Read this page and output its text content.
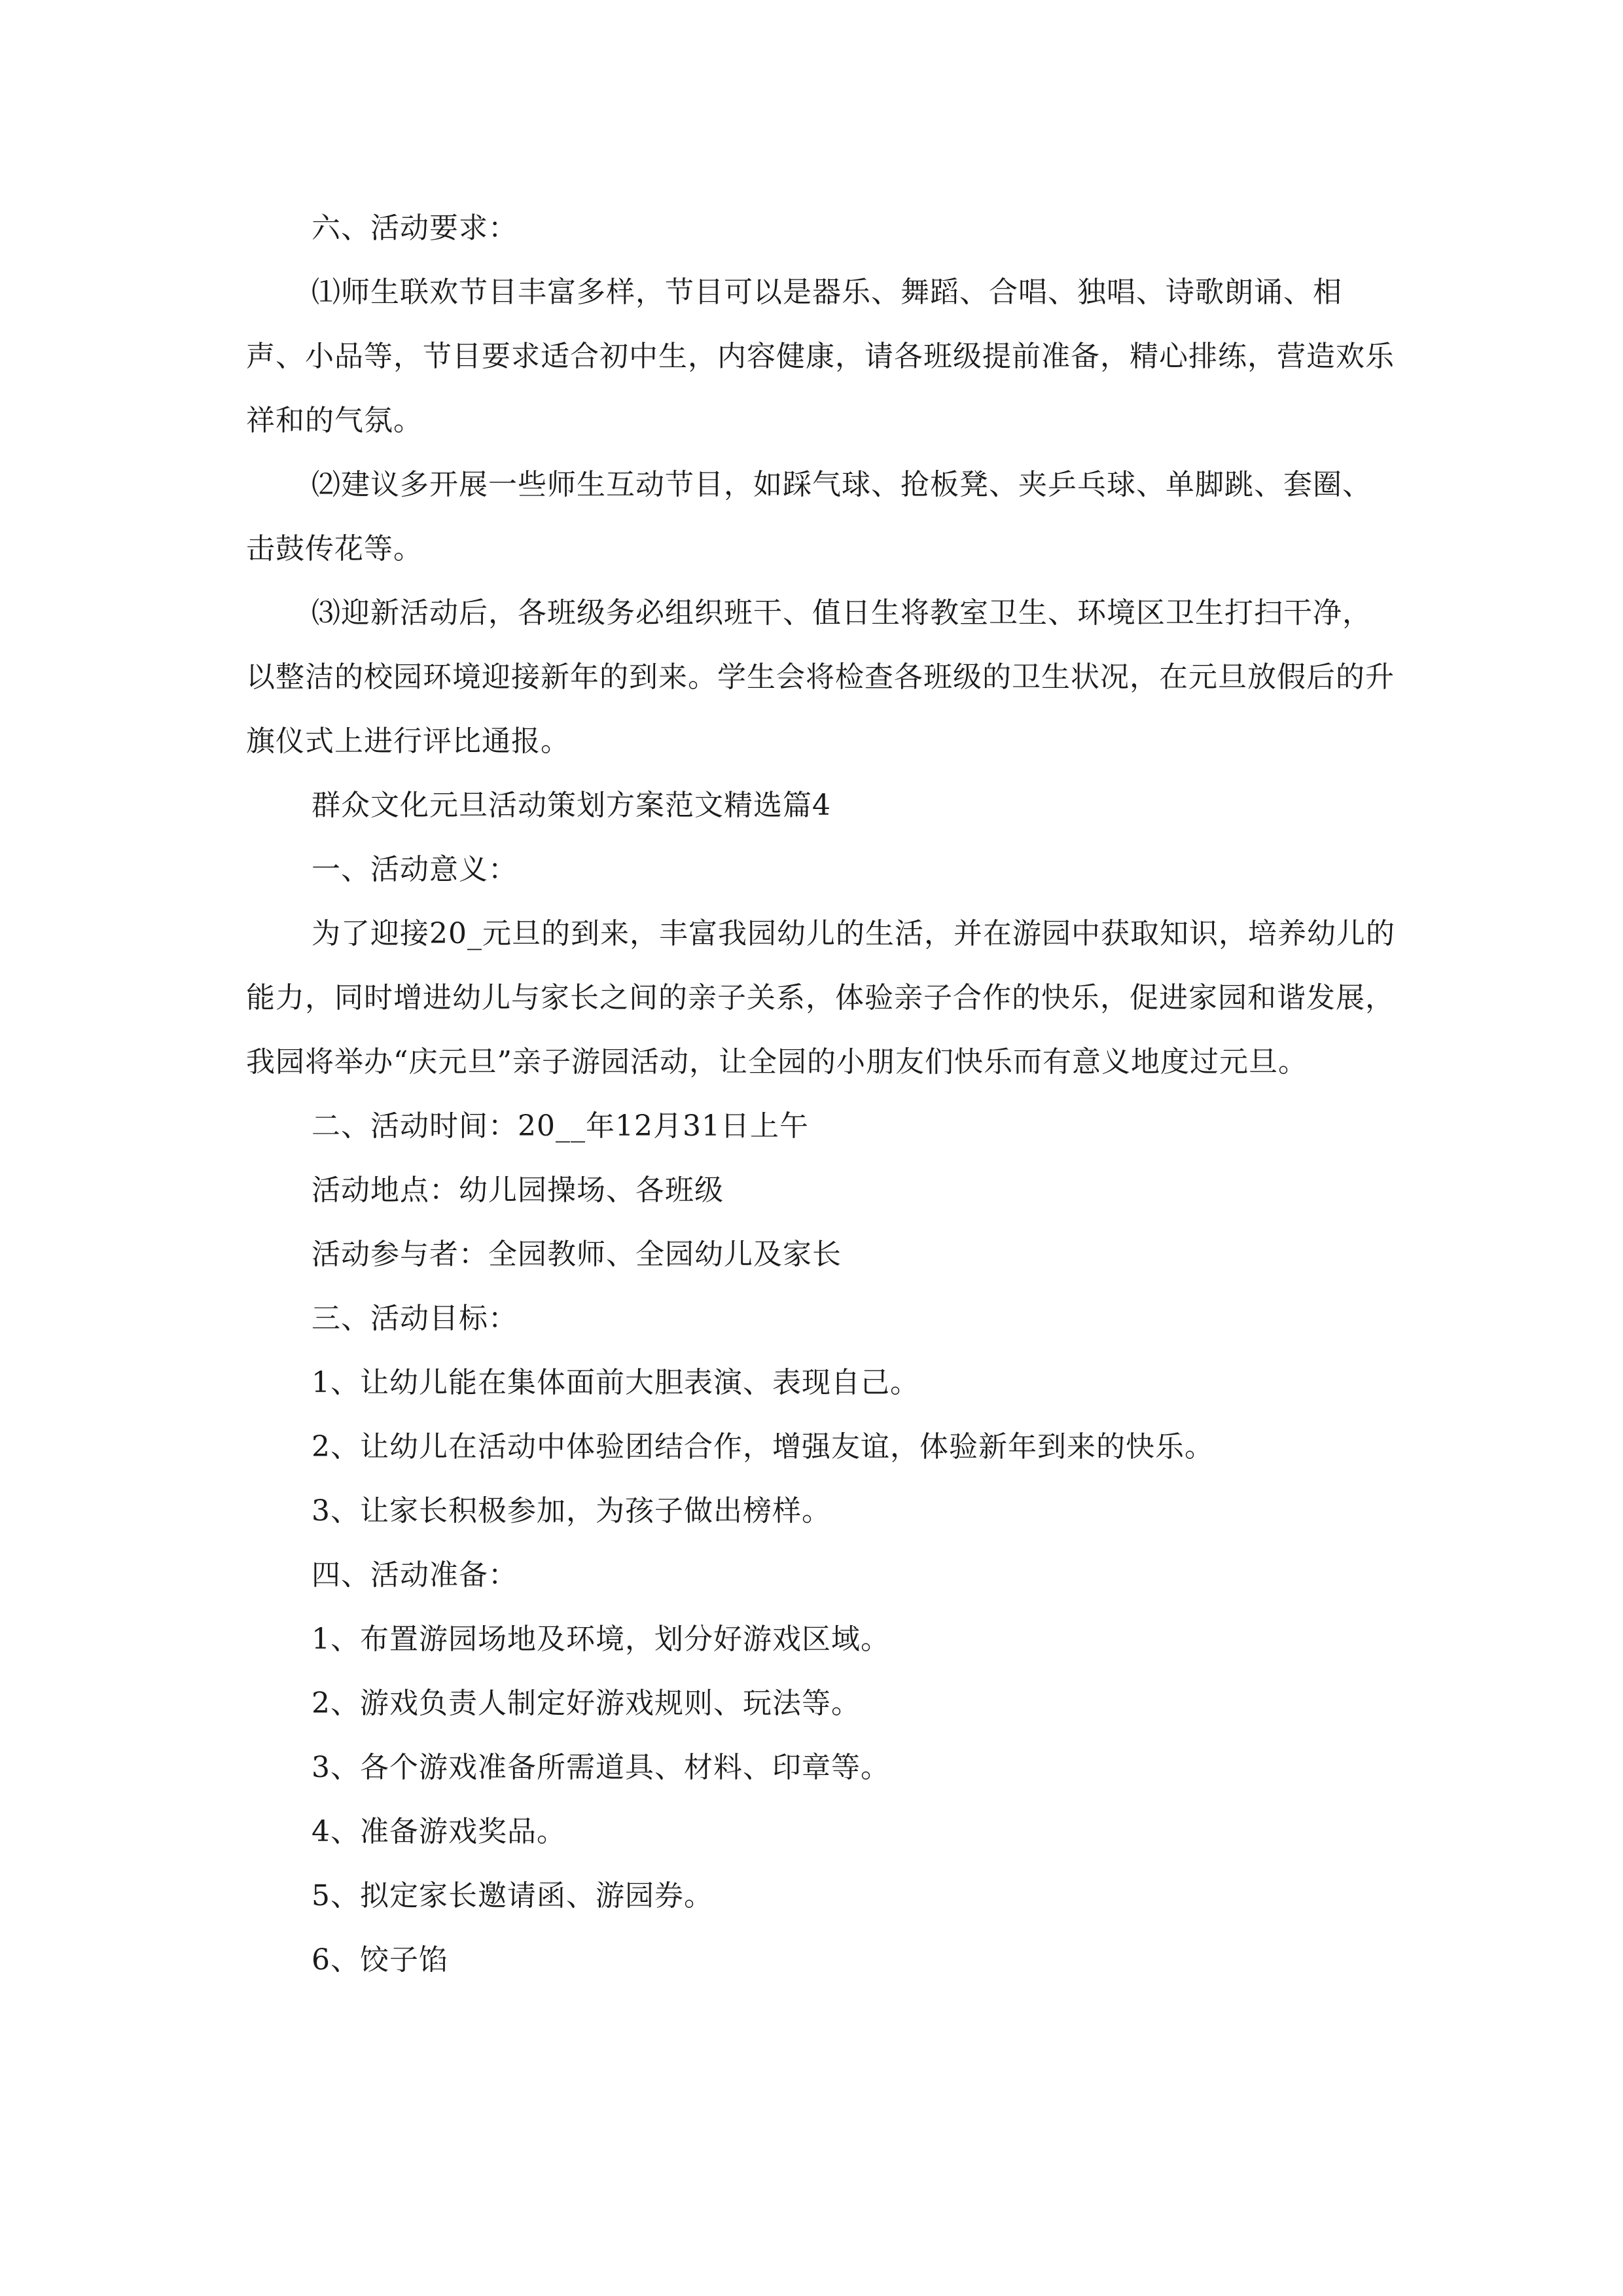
六、活动要求：

⑴师生联欢节目丰富多样，节目可以是器乐、舞蹈、合唱、独唱、诗歌朗诵、相声、小品等，节目要求适合初中生，内容健康，请各班级提前准备，精心排练，营造欢乐祥和的气氛。

⑵建议多开展一些师生互动节目，如踩气球、抢板凳、夹乒乓球、单脚跳、套圈、击鼓传花等。

⑶迎新活动后，各班级务必组织班干、值日生将教室卫生、环境区卫生打扫干净，以整洁的校园环境迎接新年的到来。学生会将检查各班级的卫生状况，在元旦放假后的升旗仪式上进行评比通报。

群众文化元旦活动策划方案范文精选篇4

一、活动意义：

为了迎接20_元旦的到来，丰富我园幼儿的生活，并在游园中获取知识，培养幼儿的能力，同时增进幼儿与家长之间的亲子关系，体验亲子合作的快乐，促进家园和谐发展，我园将举办“庆元旦”亲子游园活动，让全园的小朋友们快乐而有意义地度过元旦。

二、活动时间：20__年12月31日上午

活动地点：幼儿园操场、各班级

活动参与者：全园教师、全园幼儿及家长

三、活动目标：

1、让幼儿能在集体面前大胆表演、表现自己。

2、让幼儿在活动中体验团结合作，增强友谊，体验新年到来的快乐。

3、让家长积极参加，为孩子做出榜样。

四、活动准备：

1、布置游园场地及环境，划分好游戏区域。

2、游戏负责人制定好游戏规则、玩法等。

3、各个游戏准备所需道具、材料、印章等。

4、准备游戏奖品。

5、拟定家长邀请函、游园券。

6、饺子馅
